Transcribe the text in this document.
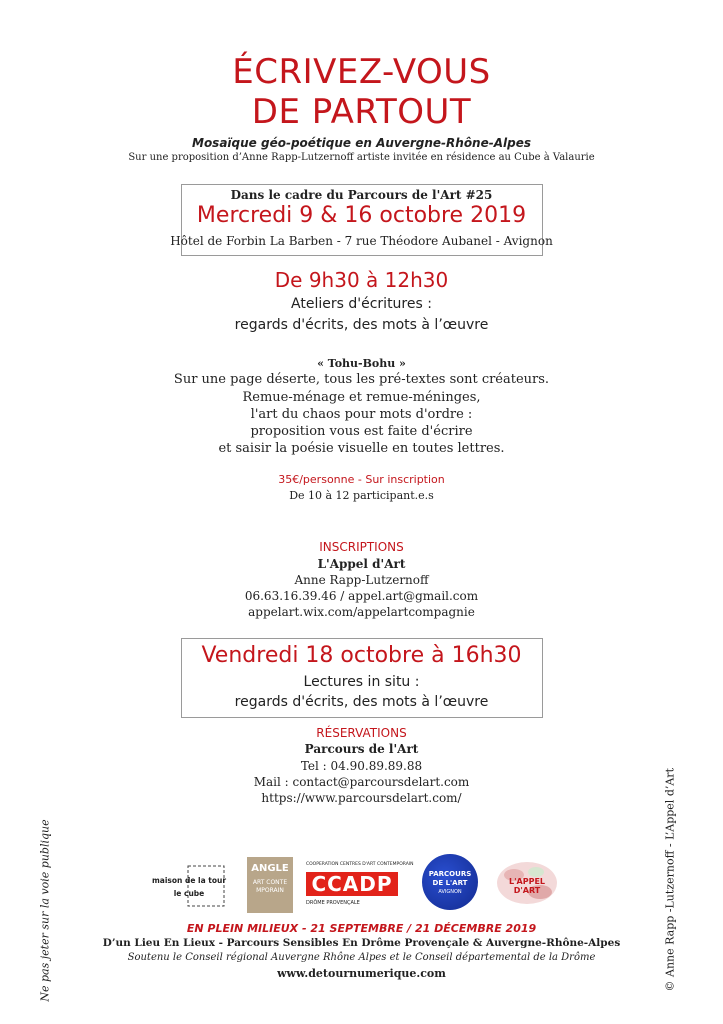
ÉCRIVEZ-VOUS
DE PARTOUT
Mosaïque géo-poétique en Auvergne-Rhône-Alpes
Sur une proposition d’Anne Rapp-Lutzernoff artiste invitée en résidence au Cube à Valaurie
Dans le cadre du Parcours de l'Art #25
Mercredi 9 & 16 octobre 2019
Hôtel de Forbin La Barben - 7 rue Théodore Aubanel - Avignon
De 9h30 à 12h30
Ateliers d'écritures :
regards d'écrits, des mots à l’œuvre
« Tohu-Bohu »
Sur une page déserte, tous les pré-textes sont créateurs.
Remue-ménage et remue-méninges,
l'art du chaos pour mots d'ordre :
proposition vous est faite d'écrire
et saisir la poésie visuelle en toutes lettres.
35€/personne - Sur inscription
De 10 à 12 participant.e.s
INSCRIPTIONS
L'Appel d'Art
Anne Rapp-Lutzernoff
06.63.16.39.46 / appel.art@gmail.com
appelart.wix.com/appelartcompagnie
Vendredi 18 octobre à 16h30
Lectures in situ :
regards d'écrits, des mots à l’œuvre
RÉSERVATIONS
Parcours de l'Art
Tel : 04.90.89.89.88
Mail : contact@parcoursdelart.com
https://www.parcoursdelart.com/
Ne pas jeter sur la voie publique	© Anne Rapp -Lutzernoff - L’Appel d’Art
maison de la tour
le cube
ANGLE
ART CONTEMPORAIN
COOPERATION CENTRES D'ART CONTEMPORAIN
CCADP
DRÔME PROVENÇALE
PARCOURS
DE L'ART
AVIGNON
L'APPEL D'ART
EN PLEIN MILIEUX - 21 SEPTEMBRE / 21 DÉCEMBRE 2019
D’un Lieu En Lieux - Parcours Sensibles En Drôme Provençale & Auvergne-Rhône-Alpes
Soutenu le Conseil régional Auvergne Rhône Alpes et le Conseil départemental de la Drôme
www.detournumerique.com
